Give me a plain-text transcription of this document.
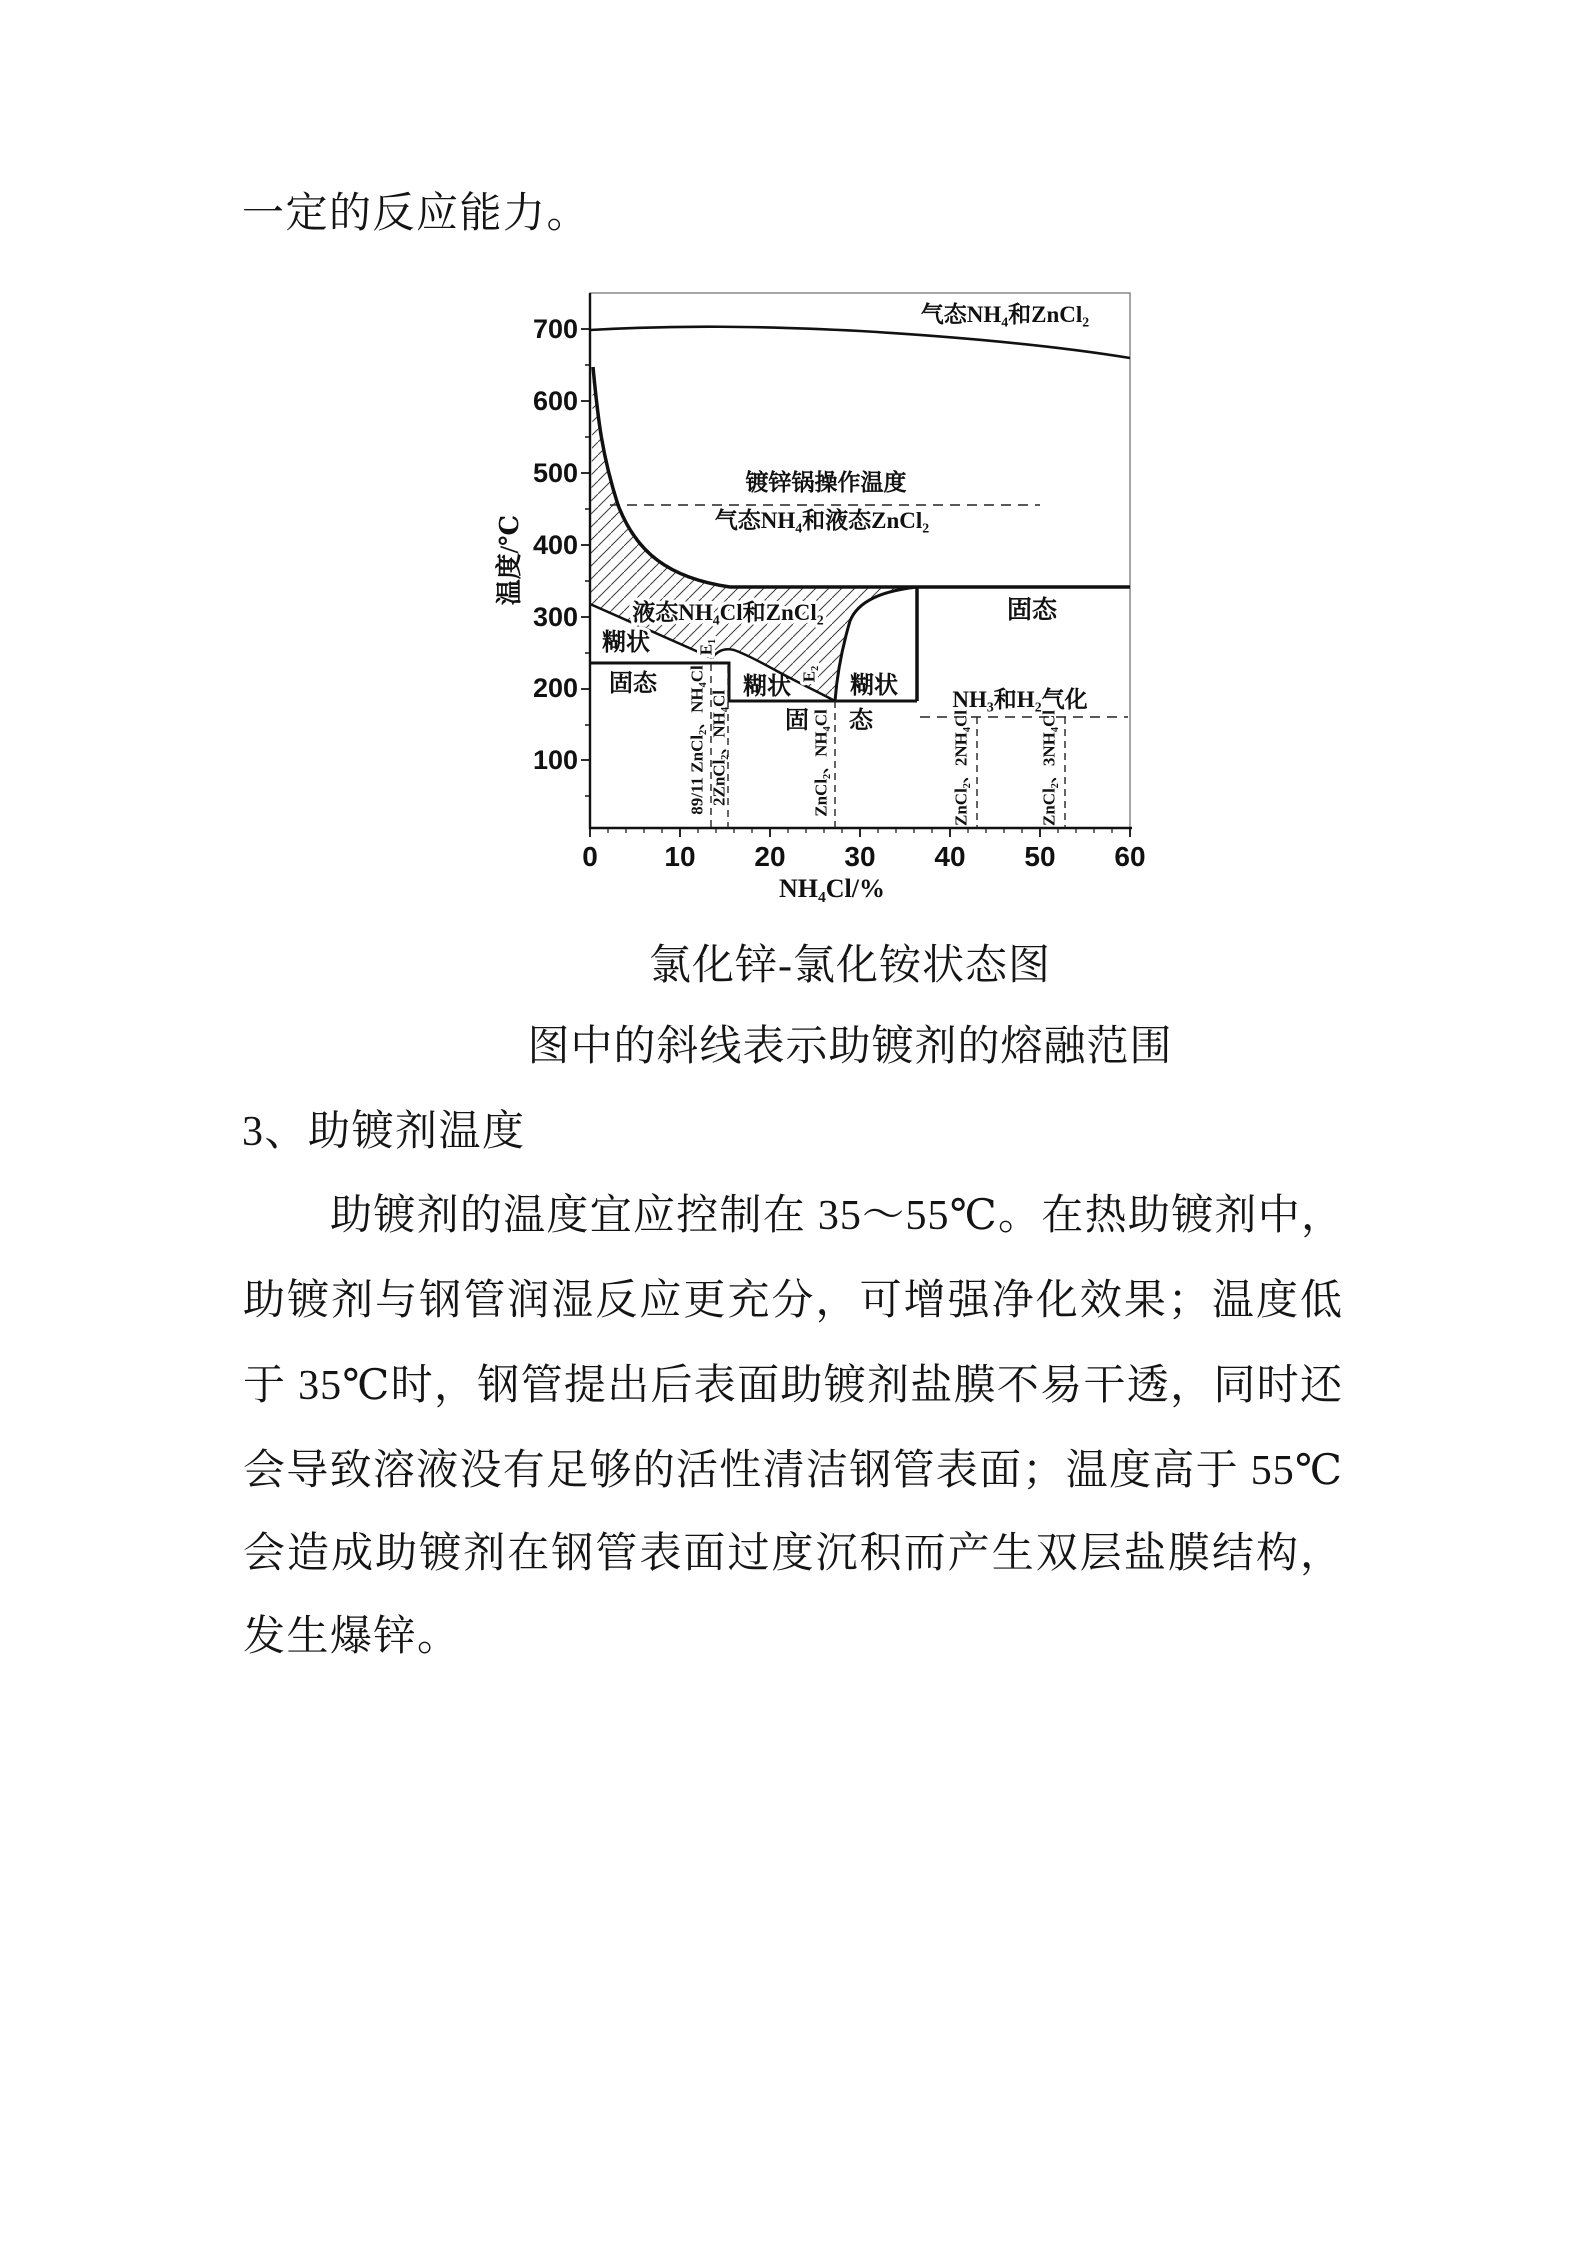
一定的反应能力。
700
600
500
400
300
200
100
0 10 20 30 40 50 60
温度/℃
NH₄Cl/%
气态NH₄和ZnCl₂
镀锌锅操作温度
气态NH₄和液态ZnCl₂
液态NH₄Cl和ZnCl₂
糊状
固态	糊状 糊状
固 态
固态
NH₃和H₂气化
E₁
E₂
89/11 ZnCl₂、NH₄Cl 2ZnCl₂、NH₄Cl	ZnCl₂、NH₄Cl	ZnCl₂、2NH₄Cl	ZnCl₂、3NH₄Cl
氯化锌-氯化铵状态图
图中的斜线表示助镀剂的熔融范围
3、助镀剂温度
助镀剂的温度宜应控制在 35～55℃。在热助镀剂中，
助镀剂与钢管润湿反应更充分，可增强净化效果；温度低
于 35℃时，钢管提出后表面助镀剂盐膜不易干透，同时还
会导致溶液没有足够的活性清洁钢管表面；温度高于 55℃
会造成助镀剂在钢管表面过度沉积而产生双层盐膜结构，
发生爆锌。
